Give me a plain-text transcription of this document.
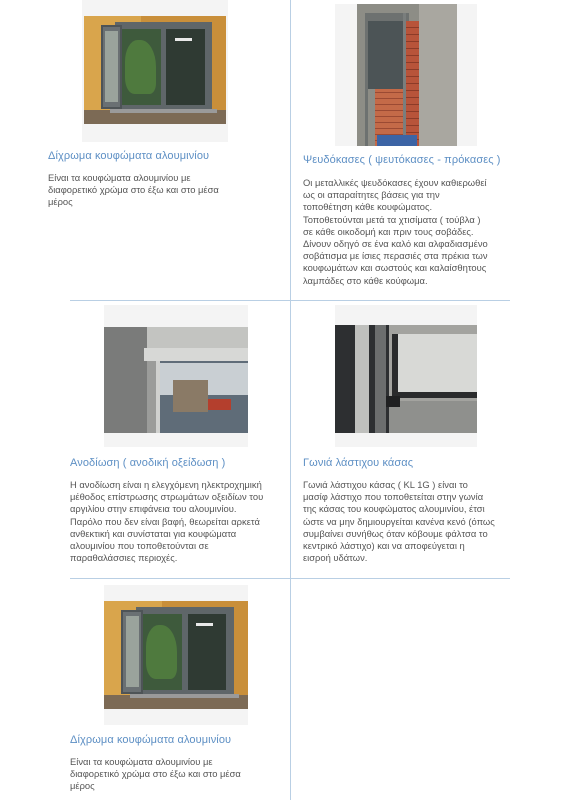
Δίχρωμα κουφώματα αλουμινίου

Είναι τα κουφώματα αλουμινίου με
διαφορετικό χρώμα στο έξω και στο μέσα
μέρος

Ψευδόκασες ( ψευτόκασες - πρόκασες )

Οι μεταλλικές ψευδόκασες έχουν καθιερωθεί
ως οι απαραίτητες βάσεις για την
τοποθέτηση κάθε κουφώματος.
Τοποθετούνται μετά τα χτισίματα ( τούβλα )
σε κάθε οικοδομή και πριν τους σοβάδες.
Δίνουν οδηγό σε ένα καλό και αλφαδιασμένο
σοβάτισμα με ίσιες περασιές στα πρέκια των
κουφωμάτων και σωστούς και καλαίσθητους
λαμπάδες στο κάθε κούφωμα.

Ανοδίωση ( ανοδική οξείδωση )

Η ανοδίωση είναι η ελεγχόμενη ηλεκτροχημική
μέθοδος επίστρωσης στρωμάτων οξειδίων του
αργιλίου στην επιφάνεια του αλουμινίου.
Παρόλο που δεν είναι βαφή, θεωρείται αρκετά
ανθεκτική και συνίσταται για κουφώματα
αλουμινίου που τοποθετούνται σε
παραθαλάσσιες περιοχές.

Γωνιά λάστιχου κάσας

Γωνιά λάστιχου κάσας ( KL 1G ) είναι το
μασίφ λάστιχο που τοποθετείται στην γωνία
της κάσας του κουφώματος αλουμινίου, έτσι
ώστε να μην δημιουργείται κανένα κενό (όπως
συμβαίνει συνήθως όταν κόβουμε φάλτσα το
κεντρικό λάστιχο) και να αποφεύγεται η
εισροή υδάτων.

Δίχρωμα κουφώματα αλουμινίου

Είναι τα κουφώματα αλουμινίου με
διαφορετικό χρώμα στο έξω και στο μέσα
μέρος
